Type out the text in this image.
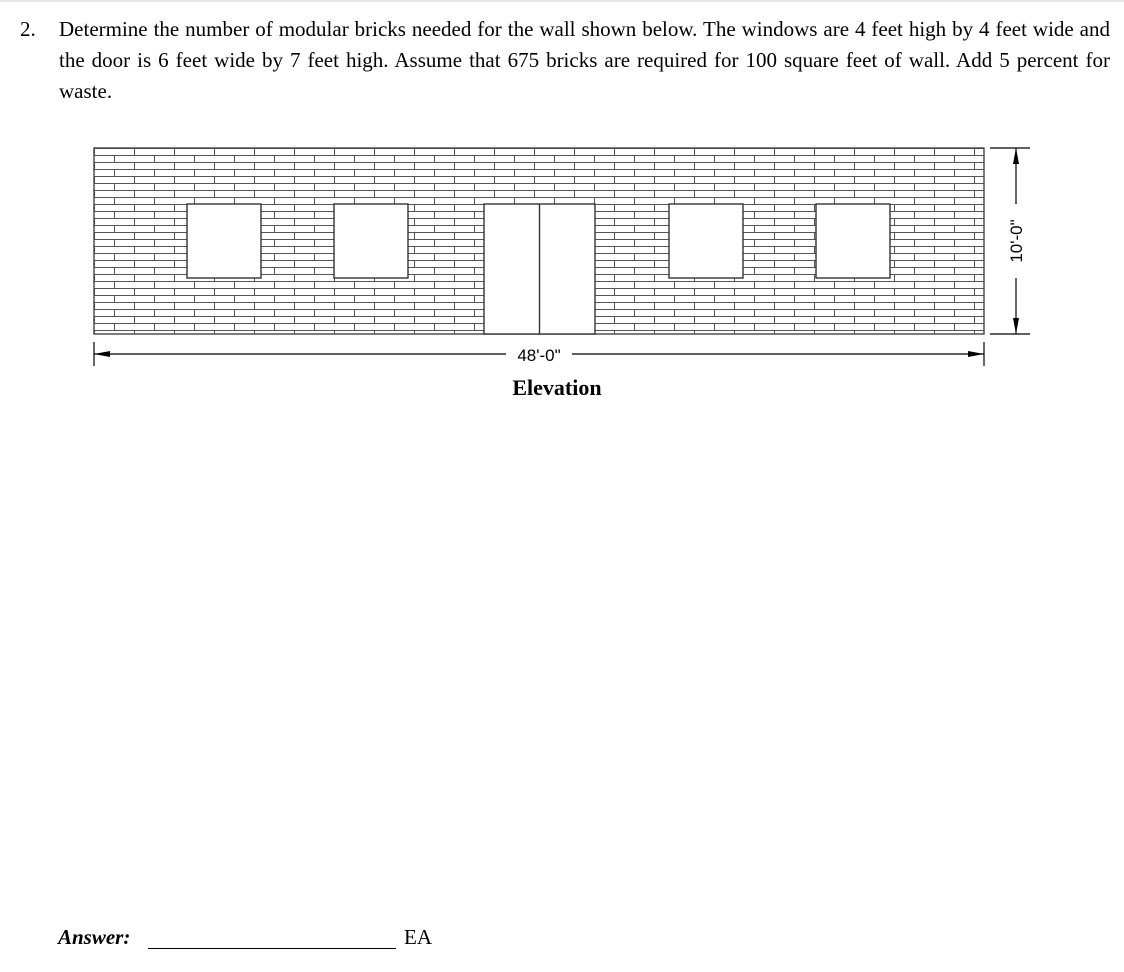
2. Determine the number of modular bricks needed for the wall shown below. The windows are 4 feet high by 4 feet wide and the door is 6 feet wide by 7 feet high. Assume that 675 bricks are required for 100 square feet of wall. Add 5 percent for waste.
48'-0"
10'-0"
Elevation
Answer:	EA
